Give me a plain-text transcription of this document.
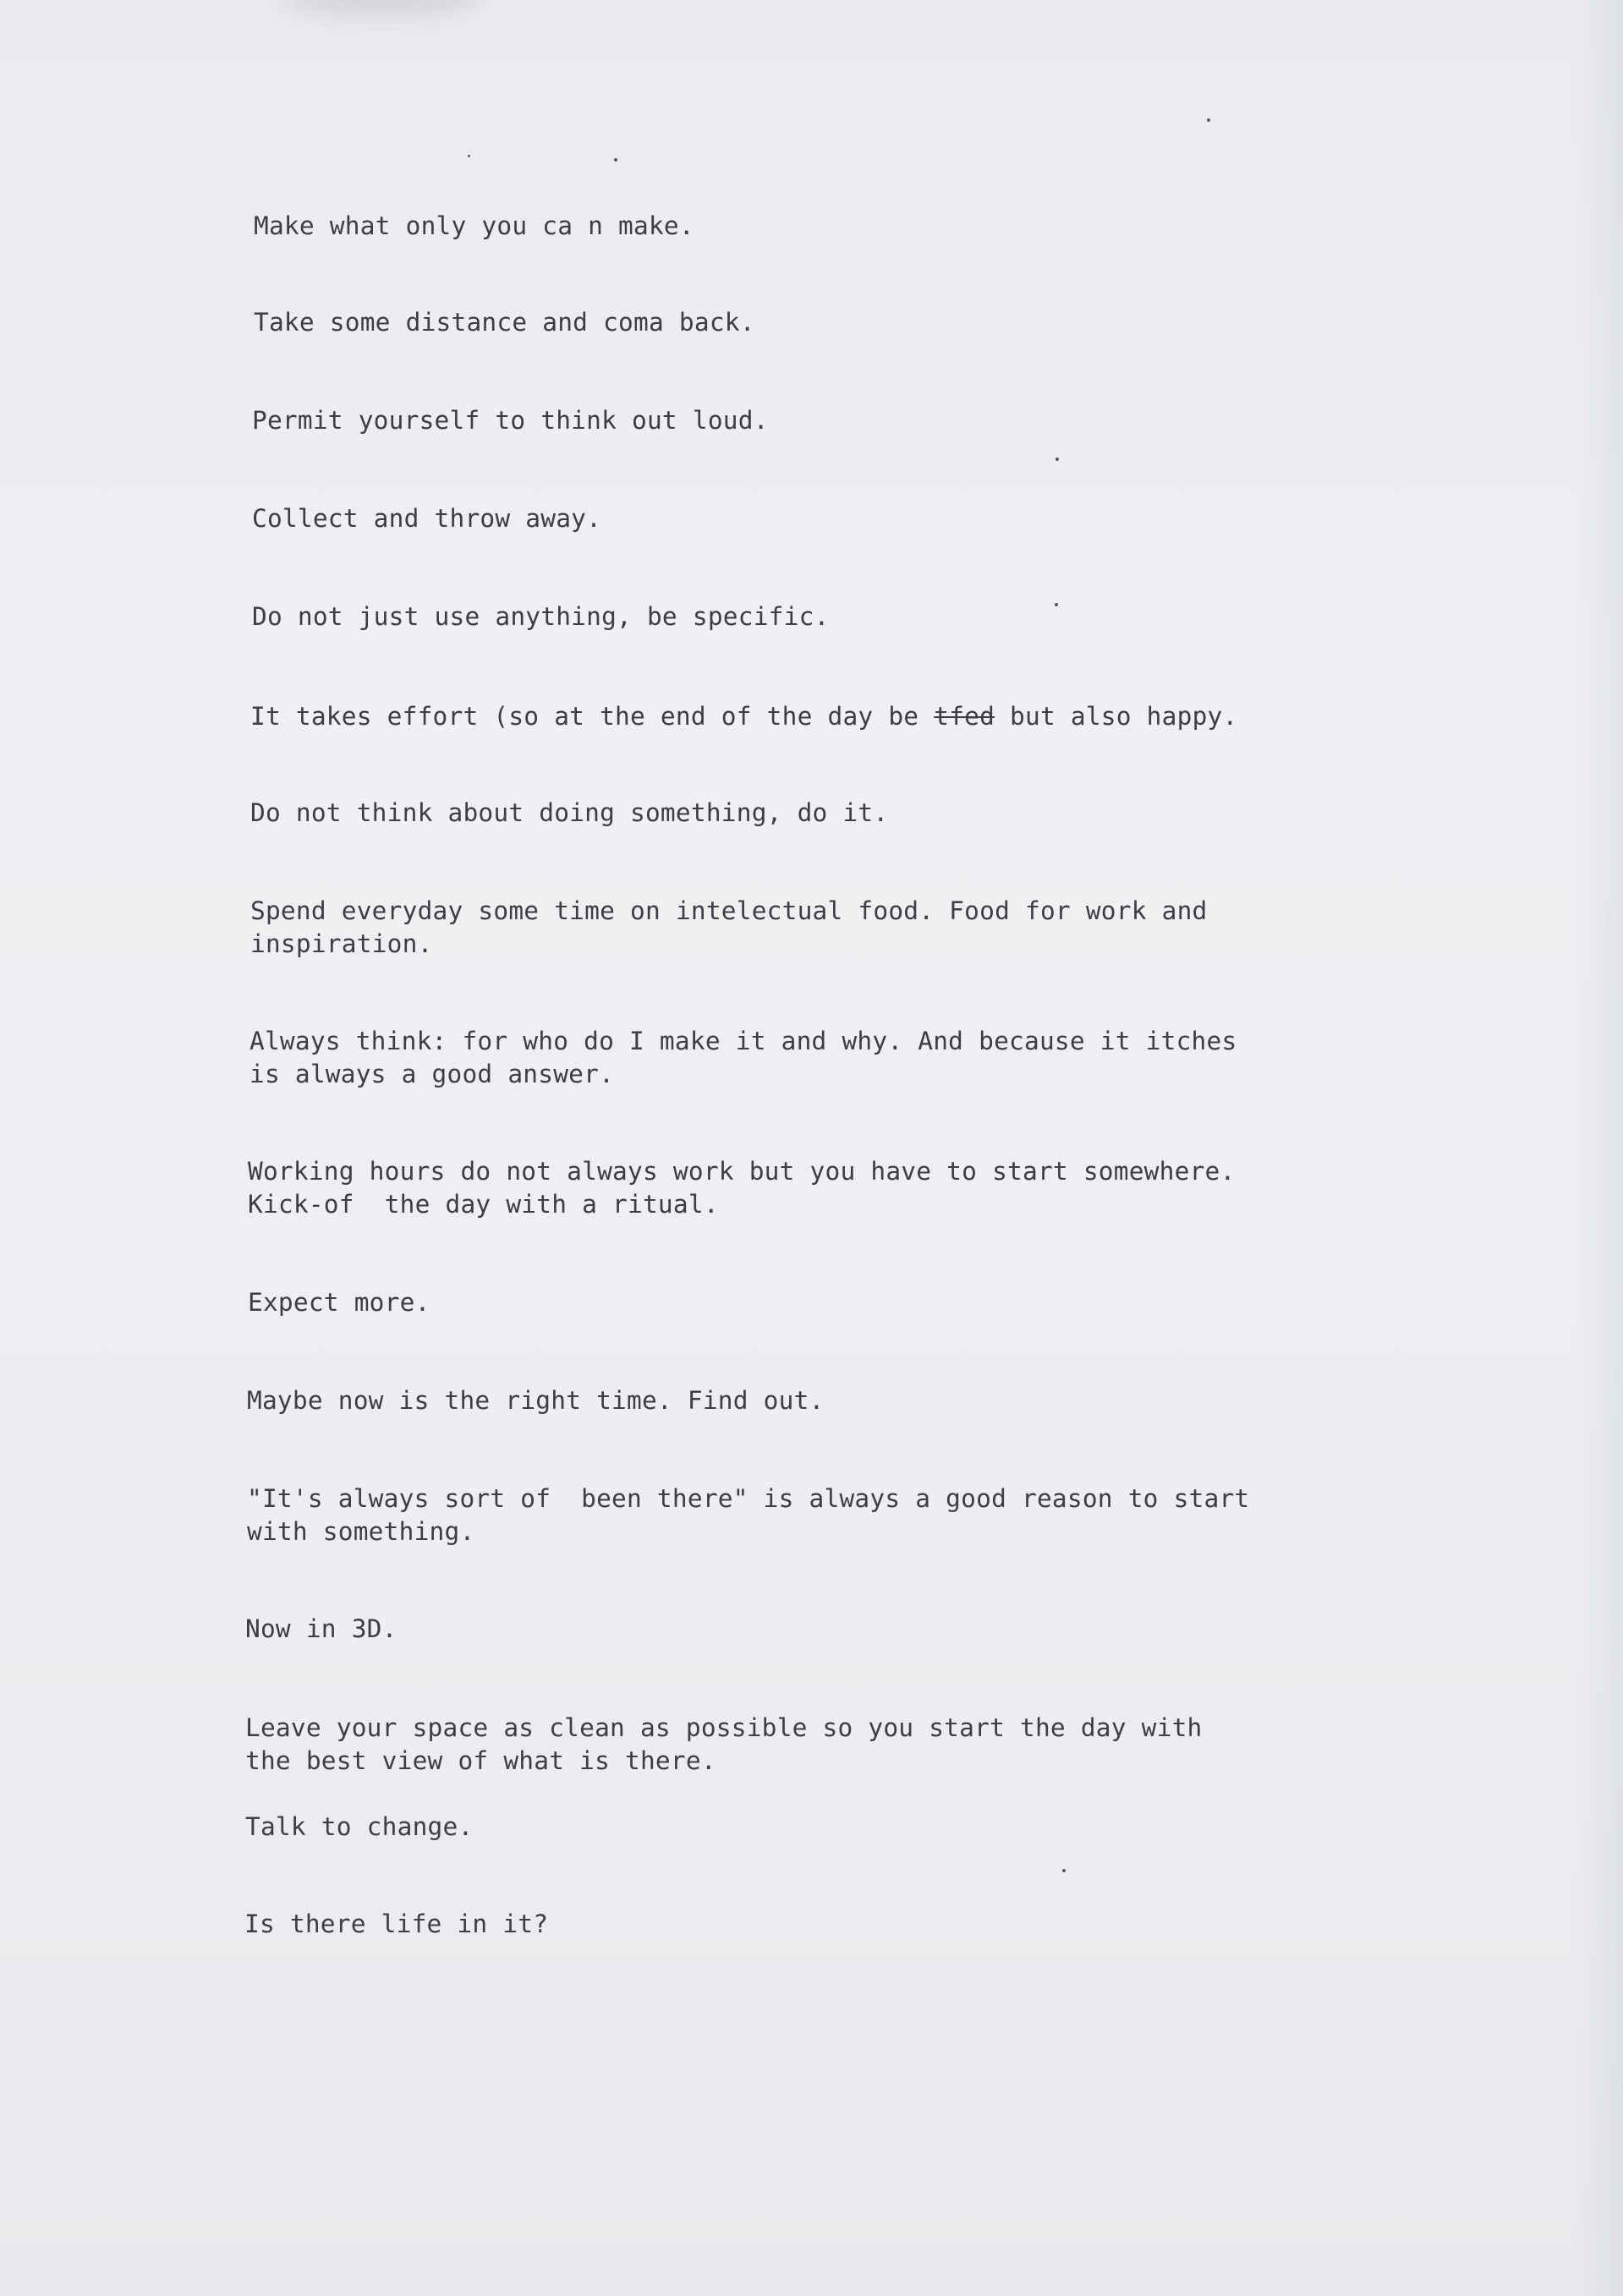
Make what only you ca n make.
Take some distance and coma back.
Permit yourself to think out loud.
Collect and throw away.
Do not just use anything, be specific.
It takes effort (so at the end of the day be tfed but also happy.
Do not think about doing something, do it.
Spend everyday some time on intelectual food. Food for work and
inspiration.
Always think: for who do I make it and why. And because it itches
is always a good answer.
Working hours do not always work but you have to start somewhere.
Kick-of  the day with a ritual.
Expect more.
Maybe now is the right time. Find out.
"It's always sort of  been there" is always a good reason to start
with something.
Now in 3D.
Leave your space as clean as possible so you start the day with
the best view of what is there.
Talk to change.
Is there life in it?
